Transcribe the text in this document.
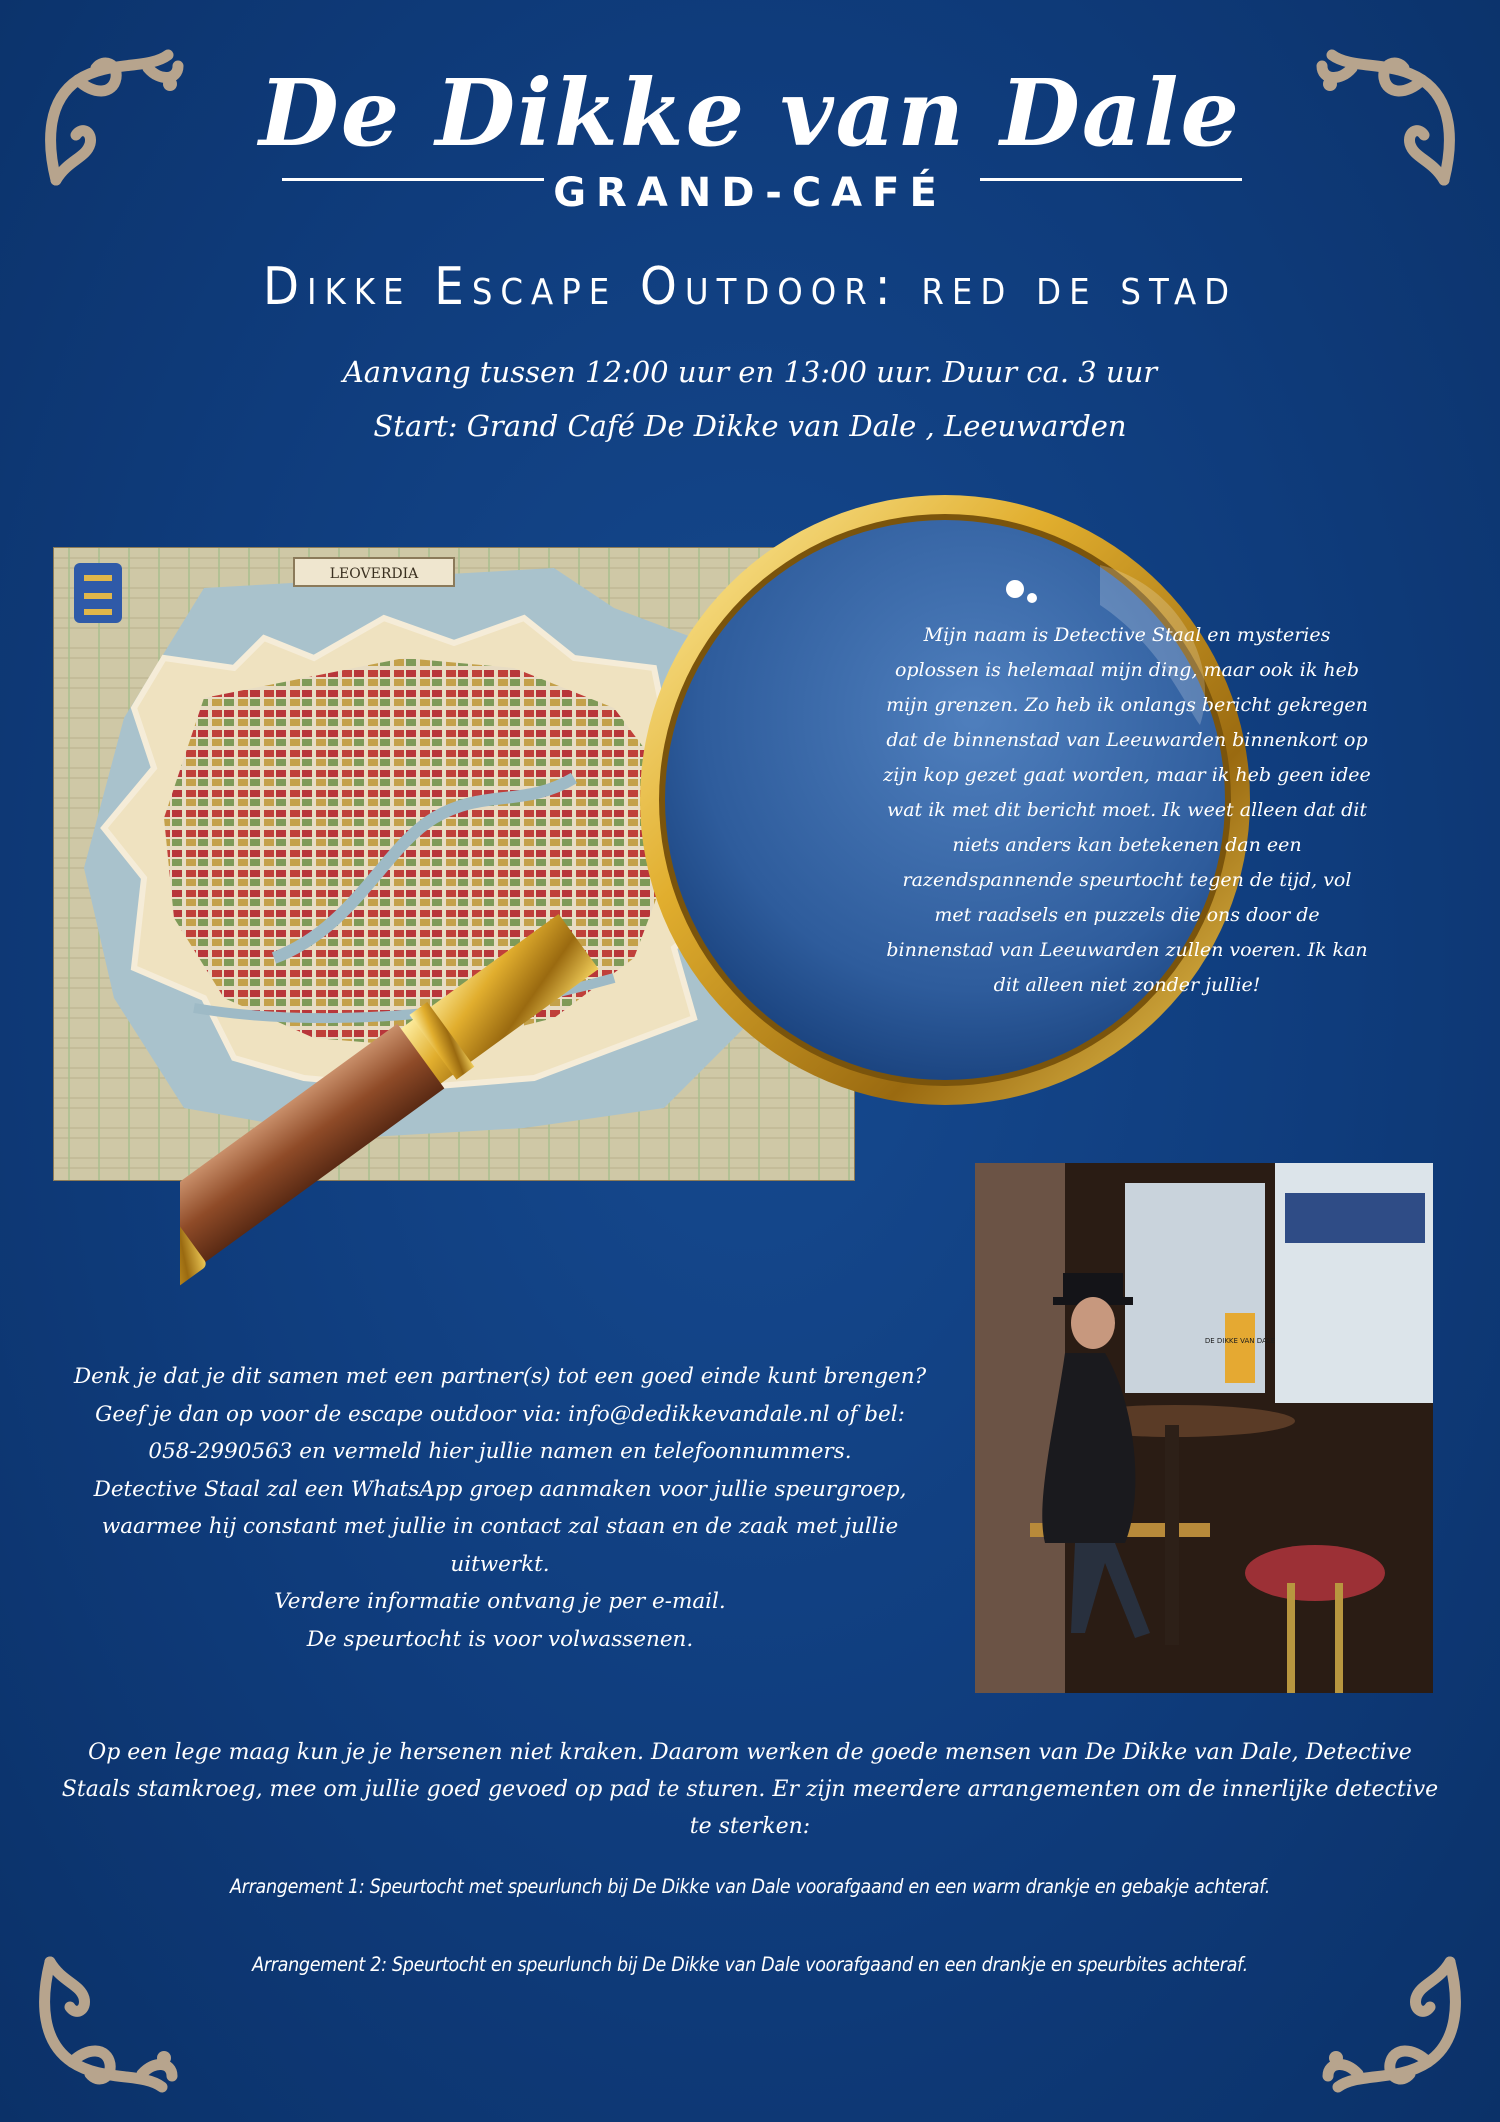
De Dikke van Dale
GRAND-CAFÉ
Dikke Escape Outdoor: red de stad
Aanvang tussen 12:00 uur en 13:00 uur. Duur ca. 3 uur
Start: Grand Café De Dikke van Dale , Leeuwarden
LEOVERDIA
Mijn naam is Detective Staal en mysteries oplossen is helemaal mijn ding, maar ook ik heb mijn grenzen. Zo heb ik onlangs bericht gekregen dat de binnenstad van Leeuwarden binnenkort op zijn kop gezet gaat worden, maar ik heb geen idee wat ik met dit bericht moet. Ik weet alleen dat dit niets anders kan betekenen dan een razendspannende speurtocht tegen de tijd, vol met raadsels en puzzels die ons door de binnenstad van Leeuwarden zullen voeren. Ik kan dit alleen niet zonder jullie!
DE DIKKE VAN DALE

Denk je dat je dit samen met een partner(s) tot een goed einde kunt brengen?

Geef je dan op voor de escape outdoor via: info@dedikkevandale.nl of bel:

058-2990563 en vermeld hier jullie namen en telefoonnummers.

Detective Staal zal een WhatsApp groep aanmaken voor jullie speurgroep, waarmee hij constant met jullie in contact zal staan en de zaak met jullie uitwerkt.

Verdere informatie ontvang je per e-mail.

De speurtocht is voor volwassenen.

Op een lege maag kun je je hersenen niet kraken. Daarom werken de goede mensen van De Dikke van Dale, Detective Staals stamkroeg, mee om jullie goed gevoed op pad te sturen. Er zijn meerdere arrangementen om de innerlijke detective te sterken:
Arrangement 1: Speurtocht met speurlunch bij De Dikke van Dale voorafgaand en een warm drankje en gebakje achteraf.
Arrangement 2: Speurtocht en speurlunch bij De Dikke van Dale voorafgaand en een drankje en speurbites achteraf.
